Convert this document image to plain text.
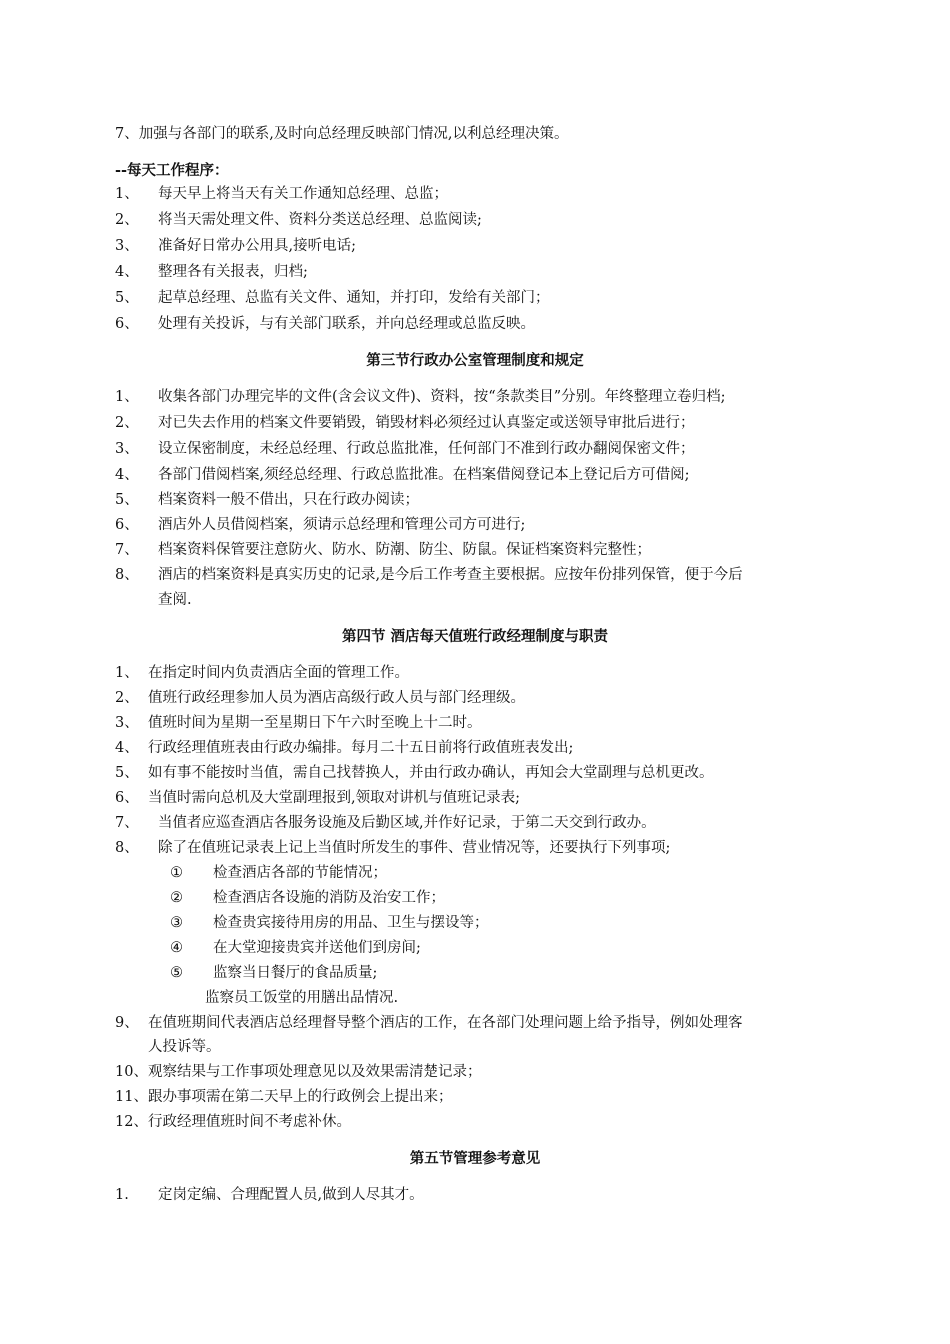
7、加强与各部门的联系,及时向总经理反映部门情况,以利总经理决策。
--每天工作程序：
1、 每天早上将当天有关工作通知总经理、总监；
2、 将当天需处理文件、资料分类送总经理、总监阅读;
3、 准备好日常办公用具,接听电话;
4、 整理各有关报表，归档;
5、 起草总经理、总监有关文件、通知，并打印，发给有关部门；
6、 处理有关投诉，与有关部门联系，并向总经理或总监反映。
第三节行政办公室管理制度和规定
1、 收集各部门办理完毕的文件(含会议文件)、资料，按“条款类目”分别。年终整理立卷归档;
2、 对已失去作用的档案文件要销毁，销毁材料必须经过认真鉴定或送领导审批后进行；
3、 设立保密制度，未经总经理、行政总监批准，任何部门不准到行政办翻阅保密文件；
4、 各部门借阅档案,须经总经理、行政总监批准。在档案借阅登记本上登记后方可借阅;
5、 档案资料一般不借出，只在行政办阅读；
6、 酒店外人员借阅档案，须请示总经理和管理公司方可进行;
7、 档案资料保管要注意防火、防水、防潮、防尘、防鼠。保证档案资料完整性；
8、 酒店的档案资料是真实历史的记录,是今后工作考查主要根据。应按年份排列保管，便于今后
查阅.
第四节 酒店每天值班行政经理制度与职责
1、 在指定时间内负责酒店全面的管理工作。
2、 值班行政经理参加人员为酒店高级行政人员与部门经理级。
3、 值班时间为星期一至星期日下午六时至晚上十二时。
4、 行政经理值班表由行政办编排。每月二十五日前将行政值班表发出;
5、 如有事不能按时当值，需自己找替换人，并由行政办确认，再知会大堂副理与总机更改。
6、 当值时需向总机及大堂副理报到,领取对讲机与值班记录表;
7、 当值者应巡查酒店各服务设施及后勤区域,并作好记录，于第二天交到行政办。
8、 除了在值班记录表上记上当值时所发生的事件、营业情况等，还要执行下列事项;
① 检查酒店各部的节能情况；
② 检查酒店各设施的消防及治安工作；
③ 检查贵宾接待用房的用品、卫生与摆设等；
④ 在大堂迎接贵宾并送他们到房间;
⑤ 监察当日餐厅的食品质量;
监察员工饭堂的用膳出品情况.
9、 在值班期间代表酒店总经理督导整个酒店的工作，在各部门处理问题上给予指导，例如处理客
人投诉等。
10、观察结果与工作事项处理意见以及效果需清楚记录；
11、跟办事项需在第二天早上的行政例会上提出来；
12、行政经理值班时间不考虑补休。
第五节管理参考意见
1. 定岗定编、合理配置人员,做到人尽其才。
